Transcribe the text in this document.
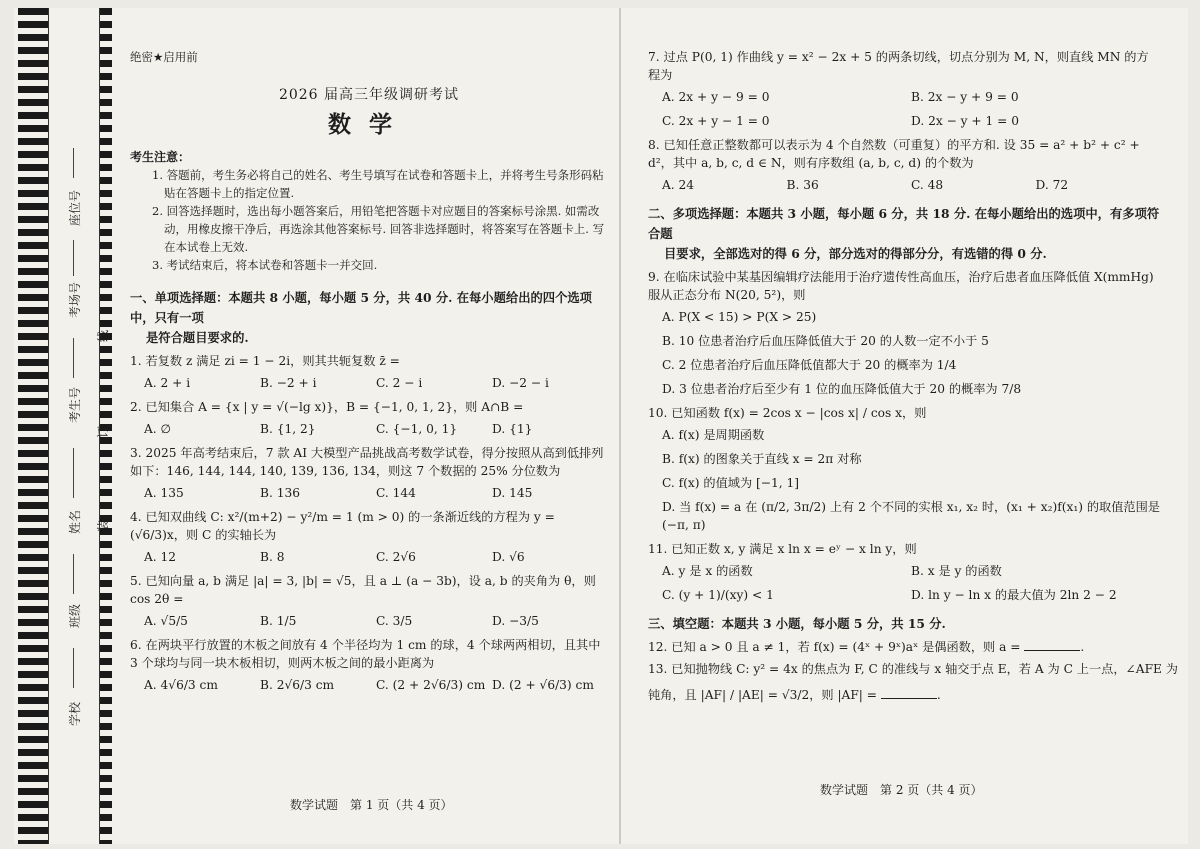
座位号
考场号
考生号
姓名
班级
学校
线
订
装
绝密★启用前
2026 届高三年级调研考试
数学
考生注意：
1. 答题前，考生务必将自己的姓名、考生号填写在试卷和答题卡上，并将考生号条形码粘贴在答题卡上的指定位置.
2. 回答选择题时，选出每小题答案后，用铅笔把答题卡对应题目的答案标号涂黑. 如需改动，用橡皮擦干净后，再选涂其他答案标号. 回答非选择题时，将答案写在答题卡上. 写在本试卷上无效.
3. 考试结束后，将本试卷和答题卡一并交回.
一、单项选择题：本题共 8 小题，每小题 5 分，共 40 分. 在每小题给出的四个选项中，只有一项
是符合题目要求的.
1. 若复数 z 满足 zi = 1 − 2i，则其共轭复数 z̄ =
A. 2 + i	B. −2 + i	C. 2 − i	D. −2 − i
2. 已知集合 A = {x | y = √(−lg x)}，B = {−1, 0, 1, 2}，则 A∩B =
A. ∅	B. {1, 2}	C. {−1, 0, 1}	D. {1}
3. 2025 年高考结束后，7 款 AI 大模型产品挑战高考数学试卷，得分按照从高到低排列如下：146, 144, 144, 140, 139, 136, 134，则这 7 个数据的 25% 分位数为
A. 135	B. 136	C. 144	D. 145
4. 已知双曲线 C: x²/(m+2) − y²/m = 1 (m > 0) 的一条渐近线的方程为 y = (√6/3)x，则 C 的实轴长为
A. 12	B. 8	C. 2√6	D. √6
5. 已知向量 a, b 满足 |a| = 3, |b| = √5，且 a ⊥ (a − 3b)，设 a, b 的夹角为 θ，则 cos 2θ =
A. √5/5	B. 1/5	C. 3/5	D. −3/5
6. 在两块平行放置的木板之间放有 4 个半径均为 1 cm 的球，4 个球两两相切，且其中 3 个球均与同一块木板相切，则两木板之间的最小距离为
A. 4√6/3 cm	B. 2√6/3 cm	C. (2 + 2√6/3) cm D. (2 + √6/3) cm
数学试题　第 1 页（共 4 页）
7. 过点 P(0, 1) 作曲线 y = x² − 2x + 5 的两条切线，切点分别为 M, N，则直线 MN 的方程为
A. 2x + y − 9 = 0	B. 2x − y + 9 = 0
C. 2x + y − 1 = 0	D. 2x − y + 1 = 0
8. 已知任意正整数都可以表示为 4 个自然数（可重复）的平方和. 设 35 = a² + b² + c² + d²，其中 a, b, c, d ∈ N，则有序数组 (a, b, c, d) 的个数为
A. 24	B. 36	C. 48	D. 72
二、多项选择题：本题共 3 小题，每小题 6 分，共 18 分. 在每小题给出的选项中，有多项符合题
目要求，全部选对的得 6 分，部分选对的得部分分，有选错的得 0 分.
9. 在临床试验中某基因编辑疗法能用于治疗遗传性高血压，治疗后患者血压降低值 X(mmHg) 服从正态分布 N(20, 5²)，则
A. P(X < 15) > P(X > 25)
B. 10 位患者治疗后血压降低值大于 20 的人数一定不小于 5
C. 2 位患者治疗后血压降低值都大于 20 的概率为 1/4
D. 3 位患者治疗后至少有 1 位的血压降低值大于 20 的概率为 7/8
10. 已知函数 f(x) = 2cos x − |cos x| / cos x，则
A. f(x) 是周期函数
B. f(x) 的图象关于直线 x = 2π 对称
C. f(x) 的值域为 [−1, 1]
D. 当 f(x) = a 在 (π/2, 3π/2) 上有 2 个不同的实根 x₁, x₂ 时，(x₁ + x₂)f(x₁) 的取值范围是 (−π, π)
11. 已知正数 x, y 满足 x ln x = eʸ − x ln y，则
A. y 是 x 的函数	B. x 是 y 的函数
C. (y + 1)/(xy) < 1	D. ln y − ln x 的最大值为 2ln 2 − 2
三、填空题：本题共 3 小题，每小题 5 分，共 15 分.
12. 已知 a > 0 且 a ≠ 1，若 f(x) = (4ˣ + 9ˣ)aˣ 是偶函数，则 a =	.
13. 已知抛物线 C: y² = 4x 的焦点为 F, C 的准线与 x 轴交于点 E，若 A 为 C 上一点，∠AFE 为
钝角，且 |AF| / |AE| = √3/2，则 |AF| =	.
数学试题　第 2 页（共 4 页）
